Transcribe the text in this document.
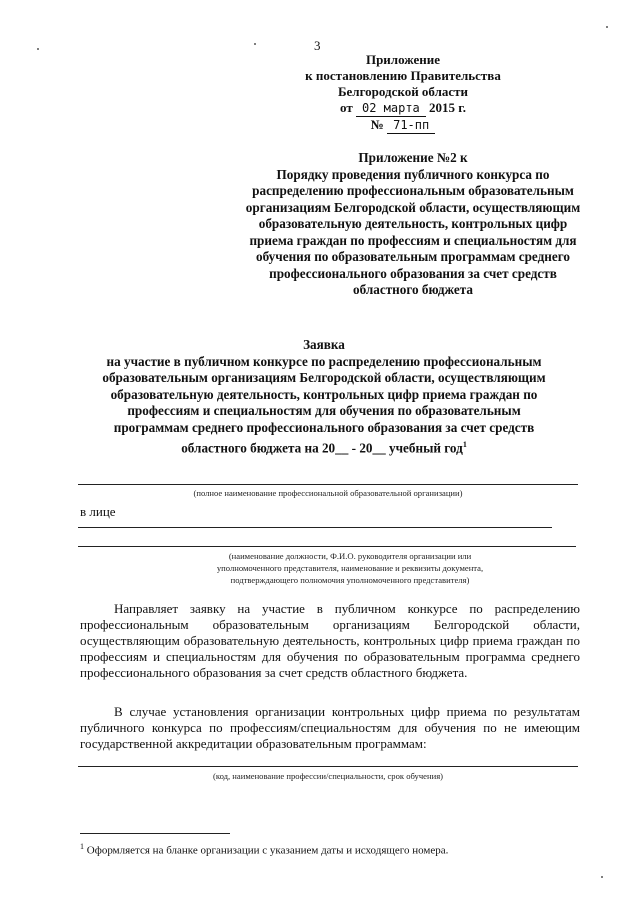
3
Приложение
к постановлению Правительства
Белгородской области
от 02 марта 2015 г.
№ 71-пп
Приложение №2 к
Порядку проведения публичного конкурса по
распределению профессиональным образовательным
организациям Белгородской области, осуществляющим
образовательную деятельность, контрольных цифр
приема граждан по профессиям и специальностям для
обучения по образовательным программам среднего
профессионального образования за счет средств
областного бюджета
Заявка
на участие в публичном конкурсе по распределению профессиональным
образовательным организациям Белгородской области, осуществляющим
образовательную деятельность, контрольных цифр приема граждан по
профессиям и специальностям для обучения по образовательным
программам среднего профессионального образования за счет средств
областного бюджета на 20__ - 20__ учебный год$^1$
(полное наименование профессиональной образовательной организации)
в лице
(наименование должности, Ф.И.О. руководителя организации или
уполномоченного представителя, наименование и реквизиты документа,
подтверждающего полномочия уполномоченного представителя)

Направляет заявку на участие в публичном конкурсе по распределению профессиональным образовательным организациям Белгородской области, осуществляющим образовательную деятельность, контрольных цифр приема граждан по профессиям и специальностям для обучения по образовательным программа среднего профессионального образования за счет средств областного бюджета.

В случае установления организации контрольных цифр приема по результатам публичного конкурса по профессиям/специальностям для обучения по не имеющим государственной аккредитации образовательным программам:

(код, наименование профессии/специальности, срок обучения)
$^1$ Оформляется на бланке организации с указанием даты и исходящего номера.
